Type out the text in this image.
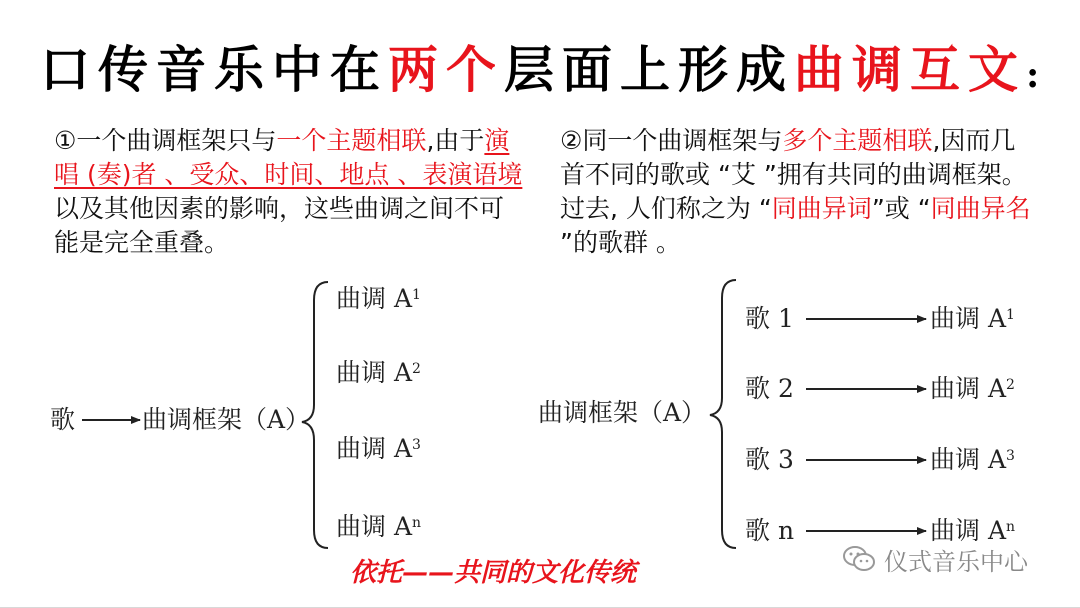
口传音乐中在两个层面上形成曲调互文:
①一个曲调框架只与一个主题相联,由于演唱 (奏)者 、受众、时间、地点 、表演语境以及其他因素的影响，这些曲调之间不可能是完全重叠。
②同一个曲调框架与多个主题相联,因而几首不同的歌或 “艾 ”拥有共同的曲调框架。过去, 人们称之为 “同曲异词”或 “同曲异名 ”的歌群 。
歌	曲调框架（A）
曲调 $A^1$
曲调 $A^2$
曲调 $A^3$
曲调 $A^n$
曲调框架（A）
歌 1
歌 2
歌 3
歌 n
曲调 $A^1$
曲调 $A^2$
曲调 $A^3$
曲调 $A^n$
依托——共同的文化传统	仪式音乐中心
